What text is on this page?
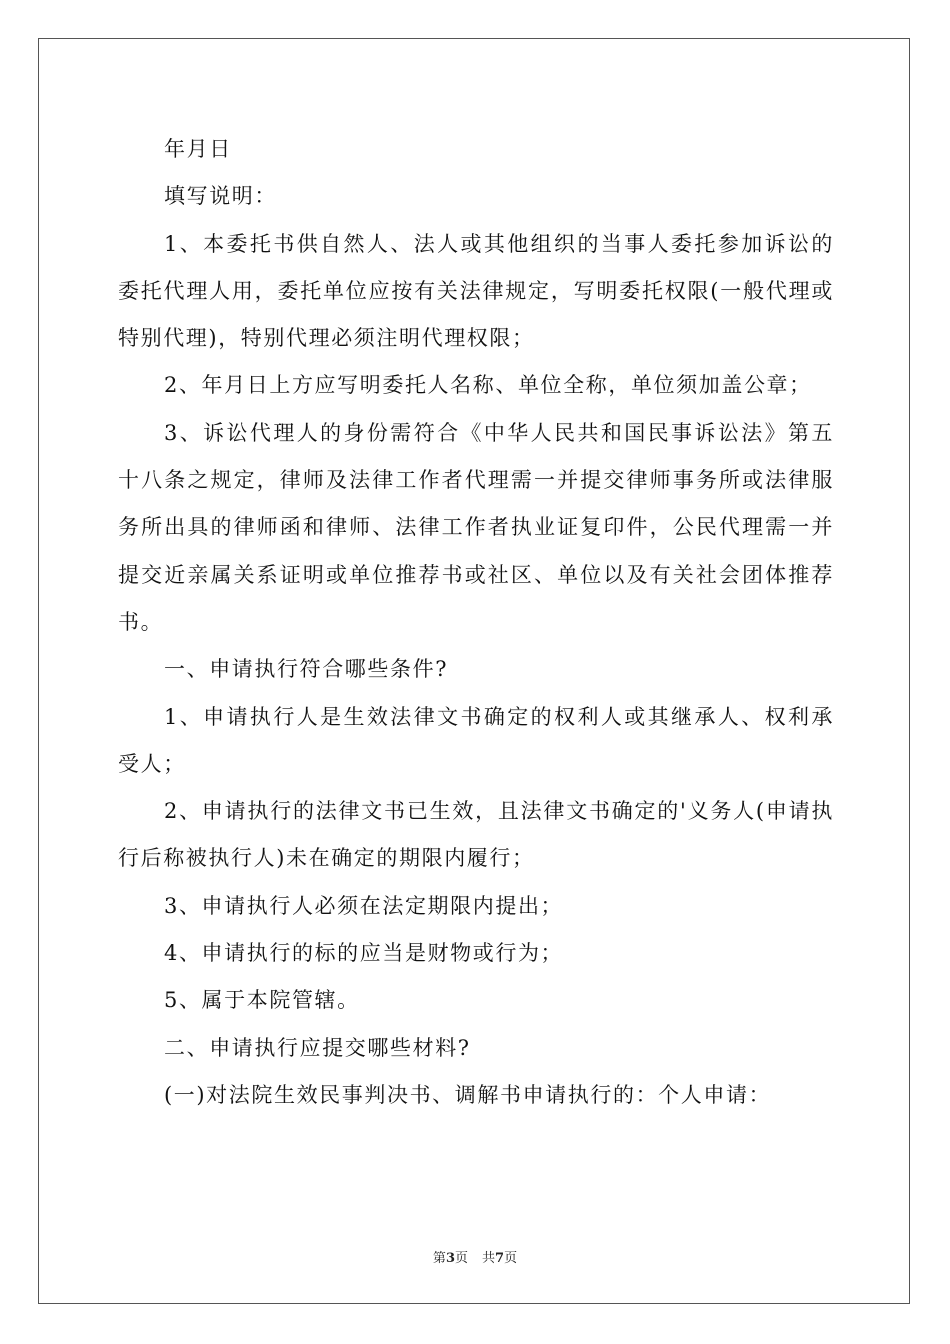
年月日

填写说明：

1、本委托书供自然人、法人或其他组织的当事人委托参加诉讼的委托代理人用，委托单位应按有关法律规定，写明委托权限(一般代理或特别代理)，特别代理必须注明代理权限；

2、年月日上方应写明委托人名称、单位全称，单位须加盖公章；

3、诉讼代理人的身份需符合《中华人民共和国民事诉讼法》第五十八条之规定，律师及法律工作者代理需一并提交律师事务所或法律服务所出具的律师函和律师、法律工作者执业证复印件，公民代理需一并提交近亲属关系证明或单位推荐书或社区、单位以及有关社会团体推荐书。

一、申请执行符合哪些条件?

1、申请执行人是生效法律文书确定的权利人或其继承人、权利承受人；

2、申请执行的法律文书已生效，且法律文书确定的'义务人(申请执行后称被执行人)未在确定的期限内履行；

3、申请执行人必须在法定期限内提出；

4、申请执行的标的应当是财物或行为；

5、属于本院管辖。

二、申请执行应提交哪些材料?

(一)对法院生效民事判决书、调解书申请执行的：个人申请：

第3页 共7页
